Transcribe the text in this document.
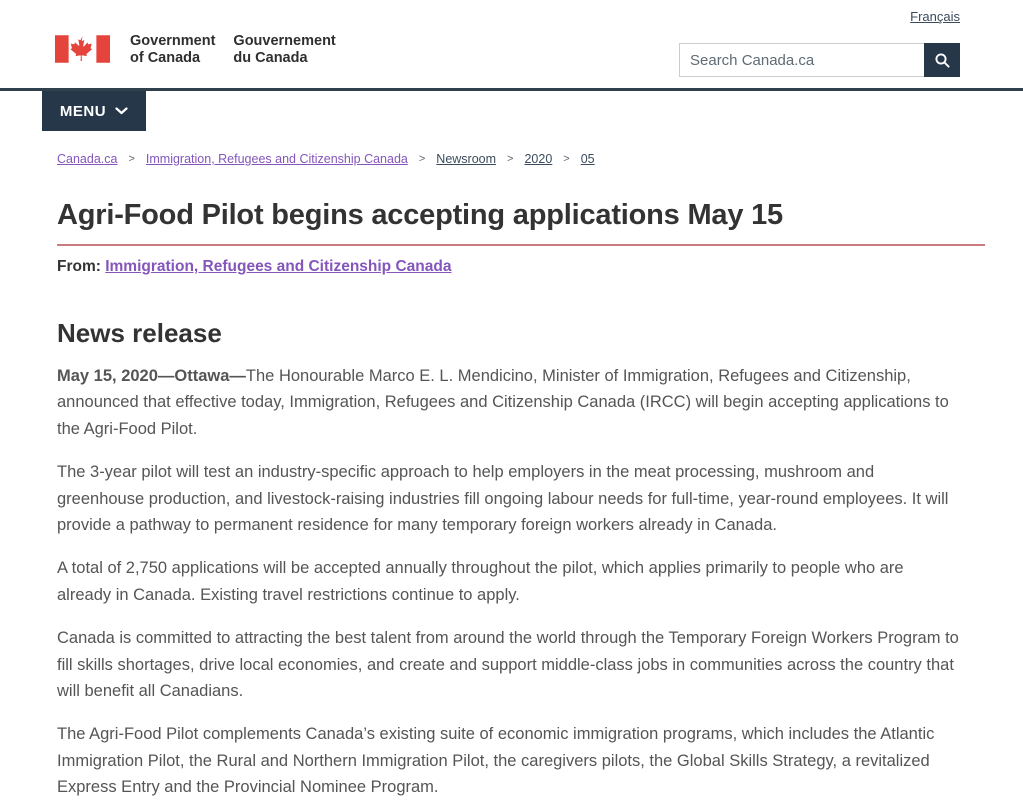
Français
Government
of Canada
Gouvernement
du Canada
Search Canada.ca
MENU
Canada.ca > Immigration, Refugees and Citizenship Canada > Newsroom > 2020 > 05
Agri-Food Pilot begins accepting applications May 15
From: Immigration, Refugees and Citizenship Canada
News release

May 15, 2020—Ottawa—The Honourable Marco E. L. Mendicino, Minister of Immigration, Refugees and Citizenship, announced that effective today, Immigration, Refugees and Citizenship Canada (IRCC) will begin accepting applications to the Agri-Food Pilot.

The 3-year pilot will test an industry-specific approach to help employers in the meat processing, mushroom and greenhouse production, and livestock-raising industries fill ongoing labour needs for full-time, year-round employees. It will provide a pathway to permanent residence for many temporary foreign workers already in Canada.

A total of 2,750 applications will be accepted annually throughout the pilot, which applies primarily to people who are already in Canada. Existing travel restrictions continue to apply.

Canada is committed to attracting the best talent from around the world through the Temporary Foreign Workers Program to fill skills shortages, drive local economies, and create and support middle-class jobs in communities across the country that will benefit all Canadians.

The Agri-Food Pilot complements Canada’s existing suite of economic immigration programs, which includes the Atlantic Immigration Pilot, the Rural and Northern Immigration Pilot, the caregivers pilots, the Global Skills Strategy, a revitalized Express Entry and the Provincial Nominee Program.
